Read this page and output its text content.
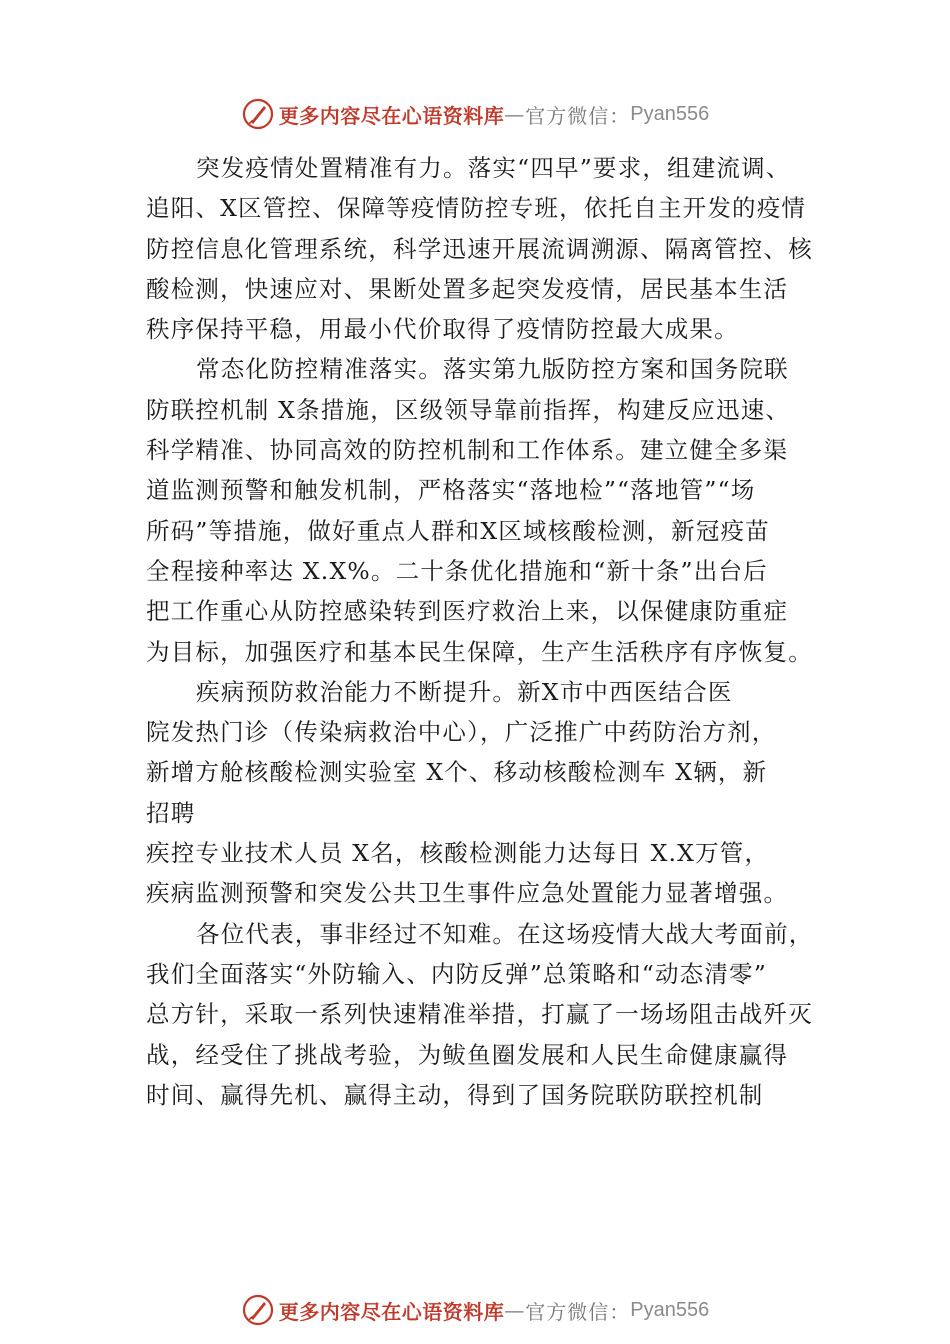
更多内容尽在心语资料库 — 官方微信： Pyan556
突发疫情处置精准有力。落实“四早”要求，组建流调、
追阳、X区管控、保障等疫情防控专班，依托自主开发的疫情
防控信息化管理系统，科学迅速开展流调溯源、隔离管控、核
酸检测，快速应对、果断处置多起突发疫情，居民基本生活
秩序保持平稳，用最小代价取得了疫情防控最大成果。
常态化防控精准落实。落实第九版防控方案和国务院联
防联控机制 X条措施，区级领导靠前指挥，构建反应迅速、
科学精准、协同高效的防控机制和工作体系。建立健全多渠
道监测预警和触发机制，严格落实“落地检”“落地管”“场
所码”等措施，做好重点人群和X区域核酸检测，新冠疫苗
全程接种率达 X.X%。二十条优化措施和“新十条”出台后
把工作重心从防控感染转到医疗救治上来，以保健康防重症
为目标，加强医疗和基本民生保障，生产生活秩序有序恢复。
疾病预防救治能力不断提升。新X市中西医结合医
院发热门诊（传染病救治中心），广泛推广中药防治方剂，
新增方舱核酸检测实验室 X个、移动核酸检测车 X辆，新
招聘
疾控专业技术人员 X名，核酸检测能力达每日 X.X万管，
疾病监测预警和突发公共卫生事件应急处置能力显著增强。
各位代表，事非经过不知难。在这场疫情大战大考面前，
我们全面落实“外防输入、内防反弹”总策略和“动态清零”
总方针，采取一系列快速精准举措，打赢了一场场阻击战歼灭
战，经受住了挑战考验，为鲅鱼圈发展和人民生命健康赢得
时间、赢得先机、赢得主动，得到了国务院联防联控机制
更多内容尽在心语资料库 — 官方微信： Pyan556
